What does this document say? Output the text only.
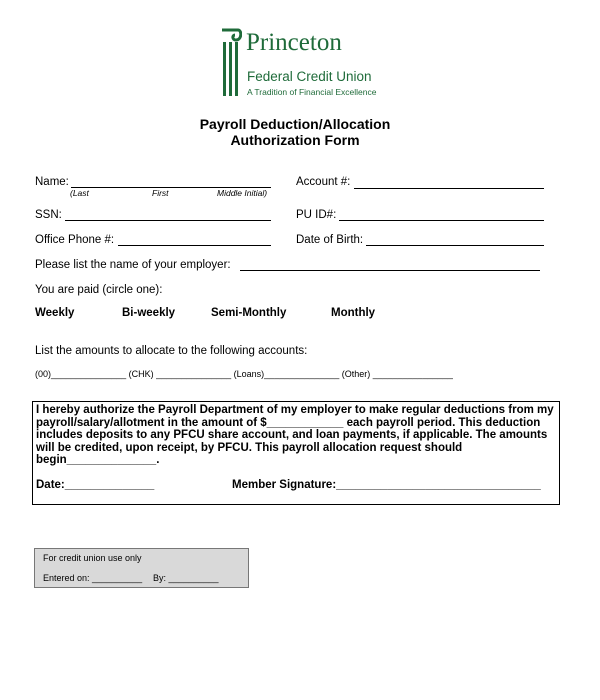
Princeton
Federal Credit Union
A Tradition of Financial Excellence
Payroll Deduction/Allocation
Authorization Form
Name:
(Last	First	Middle Initial)
Account #:
SSN:	PU ID#:
Office Phone #:	Date of Birth:
Please list the name of your employer:
You are paid (circle one):
Weekly	Bi-weekly	Semi-Monthly	Monthly
List the amounts to allocate to the following accounts:
(00)_______________ (CHK) _______________ (Loans)_______________ (Other) ________________
I hereby authorize the Payroll Department of my employer to make regular deductions from my payroll/salary/allotment in the amount of $____________ each payroll period. This deduction includes deposits to any PFCU share account, and loan payments, if applicable. The amounts will be credited, upon receipt, by PFCU. This payroll allocation request should begin______________.
Date:______________	Member Signature:________________________________
For credit union use only
Entered on: __________ By: __________
